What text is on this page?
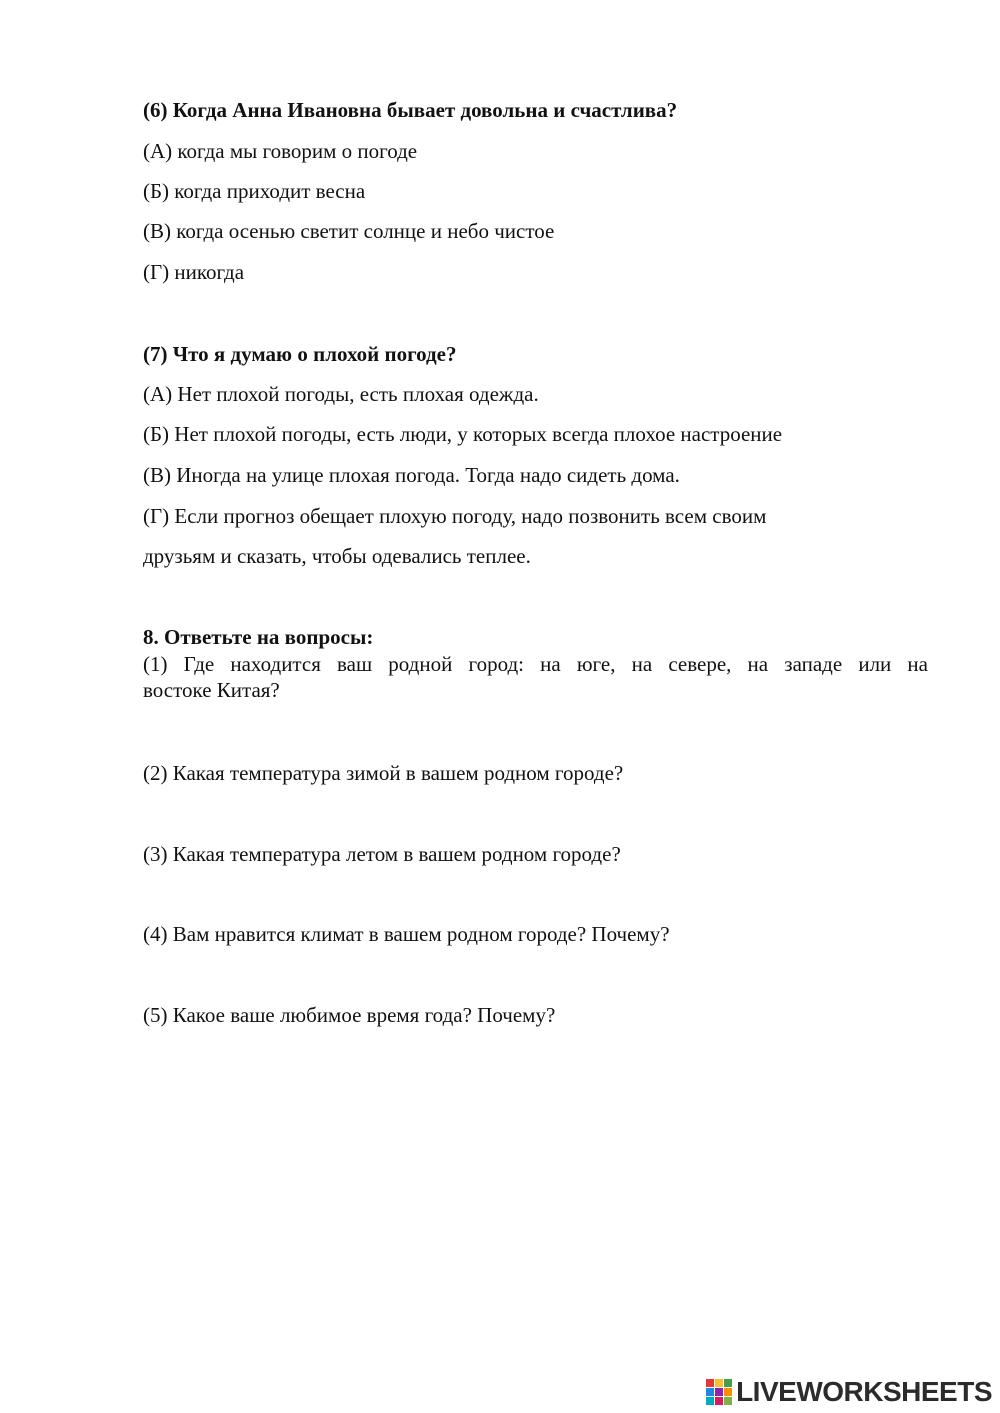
(6) Когда Анна Ивановна бывает довольна и счастлива?
(А) когда мы говорим о погоде
(Б) когда приходит весна
(В) когда осенью светит солнце и небо чистое
(Г) никогда
(7) Что я думаю о плохой погоде?
(А) Нет плохой погоды, есть плохая одежда.
(Б) Нет плохой погоды, есть люди, у которых всегда плохое настроение
(В) Иногда на улице плохая погода. Тогда надо сидеть дома.
(Г) Если прогноз обещает плохую погоду, надо позвонить всем своим
друзьям и сказать, чтобы одевались теплее.
8. Ответьте на вопросы:
(1) Где находится ваш родной город: на юге, на севере, на западе или на
востоке Китая?
(2) Какая температура зимой в вашем родном городе?
(3) Какая температура летом в вашем родном городе?
(4) Вам нравится климат в вашем родном городе? Почему?
(5) Какое ваше любимое время года? Почему?
LIVEWORKSHEETS
